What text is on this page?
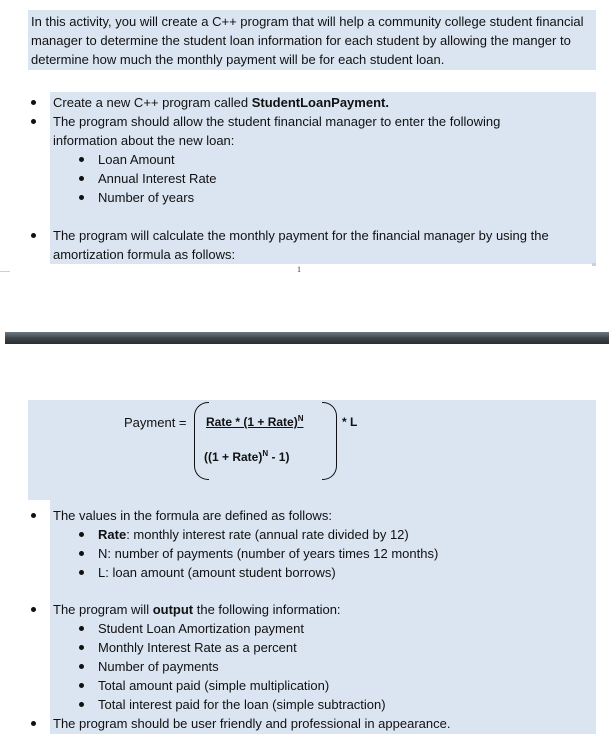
In this activity, you will create a C++ program that will help a community college student financial manager to determine the student loan information for each student by allowing the manger to determine how much the monthly payment will be for each student loan.
Create a new C++ program called StudentLoanPayment.
The program should allow the student financial manager to enter the following
information about the new loan:
Loan Amount
Annual Interest Rate
Number of years
The program will calculate the monthly payment for the financial manager by using the
amortization formula as follows:
1
Payment = Rate * (1 + Rate)$^N$
((1 + Rate)$^N$ - 1)
* L
The values in the formula are defined as follows:
Rate: monthly interest rate (annual rate divided by 12)
N: number of payments (number of years times 12 months)
L: loan amount (amount student borrows)
The program will output the following information:
Student Loan Amortization payment
Monthly Interest Rate as a percent
Number of payments
Total amount paid (simple multiplication)
Total interest paid for the loan (simple subtraction)
The program should be user friendly and professional in appearance.
